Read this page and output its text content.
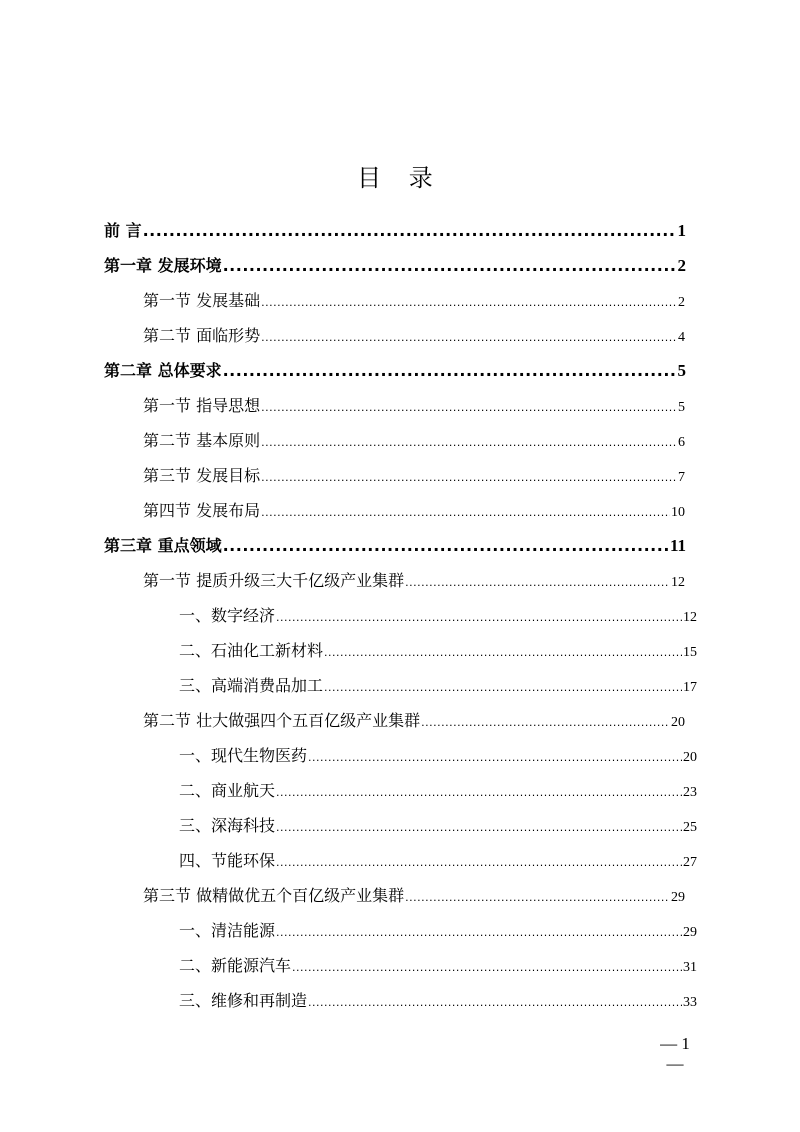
目 录
前 言 .....	1
第一章 发展环境 .....	2
第一节 发展基础 .....	2
第二节 面临形势 .....	4
第二章 总体要求 .....	5
第一节 指导思想 .....	5
第二节 基本原则 .....	6
第三节 发展目标 .....	7
第四节 发展布局 .....	10
第三章 重点领域 .....	11
第一节 提质升级三大千亿级产业集群 .....	12
一、数字经济 .....	12
二、石油化工新材料 .....	15
三、高端消费品加工 .....	17
第二节 壮大做强四个五百亿级产业集群 .....	20
一、现代生物医药 .....	20
二、商业航天 .....	23
三、深海科技 .....	25
四、节能环保 .....	27
第三节 做精做优五个百亿级产业集群 .....	29
一、清洁能源 .....	29
二、新能源汽车 .....	31
三、维修和再制造 .....	33
— 1 —
